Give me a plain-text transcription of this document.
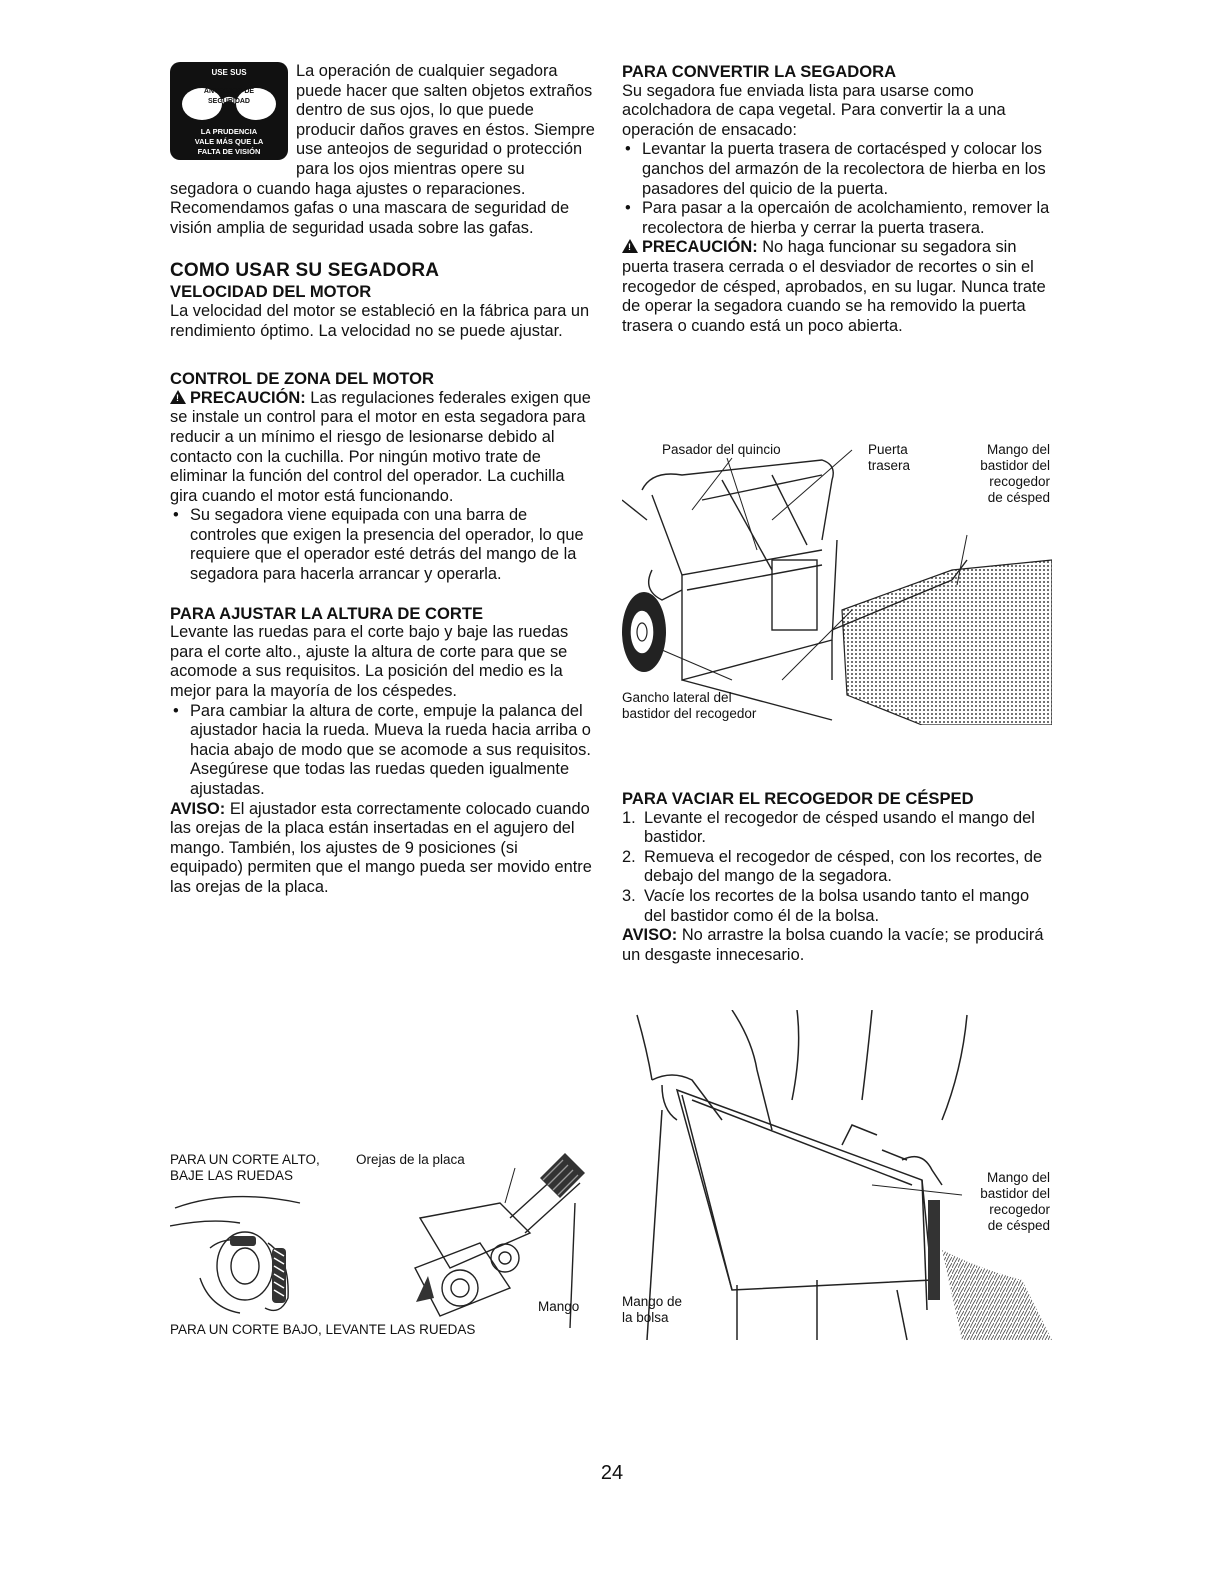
USE SUS
ANTEOJOS DE
SEGURIDAD
LA PRUDENCIA
VALE MÁS QUE LA
FALTA DE VISIÓN

La operación de cualquier segadora puede hacer que salten objetos extraños dentro de sus ojos, lo que puede producir daños graves en éstos. Siempre use anteojos de seguridad o protección para los ojos mientras opere su segadora o cuando haga ajustes o reparaciones. Recomendamos gafas o una mascara de seguridad de visión amplia de seguridad usada sobre las gafas.

COMO USAR SU SEGADORA
VELOCIDAD DEL MOTOR

La velocidad del motor se estableció en la fábrica para un rendimiento óptimo. La velocidad no se puede ajustar.

CONTROL DE ZONA DEL MOTOR

! PRECAUCIÓN: Las regulaciones federales exigen que se instale un control para el motor en esta segadora para reducir a un mínimo el riesgo de lesionarse debido al contacto con la cuchilla. Por ningún motivo trate de eliminar la función del control del operador. La cuchilla gira cuando el motor está funcionando.

• Su segadora viene equipada con una barra de controles que exigen la presencia del operador, lo que requiere que el operador esté detrás del mango de la segadora para hacerla arrancar y operarla.
PARA AJUSTAR LA ALTURA DE CORTE

Levante las ruedas para el corte bajo y baje las ruedas para el corte alto., ajuste la altura de corte para que se acomode a sus requisitos. La posición del medio es la mejor para la mayoría de los céspedes.

• Para cambiar la altura de corte, empuje la palanca del ajustador hacia la rueda. Mueva la rueda hacia arriba o hacia abajo de modo que se acomode a sus requisitos. Asegúrese que todas las ruedas queden igualmente ajustadas.

AVISO: El ajustador esta correctamente colocado cuando las orejas de la placa están insertadas en el agujero del mango. También, los ajustes de 9 posiciones (si equipado) permiten que el mango pueda ser movido entre las orejas de la placa.

PARA UN CORTE ALTO,
BAJE LAS RUEDAS
Orejas de la placa
Mango
PARA UN CORTE BAJO, LEVANTE LAS RUEDAS
PARA CONVERTIR LA SEGADORA

Su segadora fue enviada lista para usarse como acolchadora de capa vegetal. Para convertir la a una operación de ensacado:

• Levantar la puerta trasera de cortacésped y colocar los ganchos del armazón de la recolectora de hierba en los pasadores del quicio de la puerta.
• Para pasar a la opercaión de acolchamiento, remover la recolectora de hierba y cerrar la puerta trasera.

! PRECAUCIÓN: No haga funcionar su segadora sin puerta trasera cerrada o el desviador de recortes o sin el recogedor de césped, aprobados, en su lugar. Nunca trate de operar la segadora cuando se ha removido la puerta trasera o cuando está un poco abierta.

Pasador del quincio	Puerta
trasera
Mango del
bastidor del
recogedor
de césped
Gancho lateral del
bastidor del recogedor
PARA VACIAR EL RECOGEDOR DE CÉSPED
1. Levante el recogedor de césped usando el mango del bastidor.
2. Remueva el recogedor de césped, con los recortes, de debajo del mango de la segadora.
3. Vacíe los recortes de la bolsa usando tanto el mango del bastidor como él de la bolsa.

AVISO: No arrastre la bolsa cuando la vacíe; se producirá un desgaste innecesario.

Mango del
bastidor del
recogedor
de césped
Mango de
la bolsa
24
